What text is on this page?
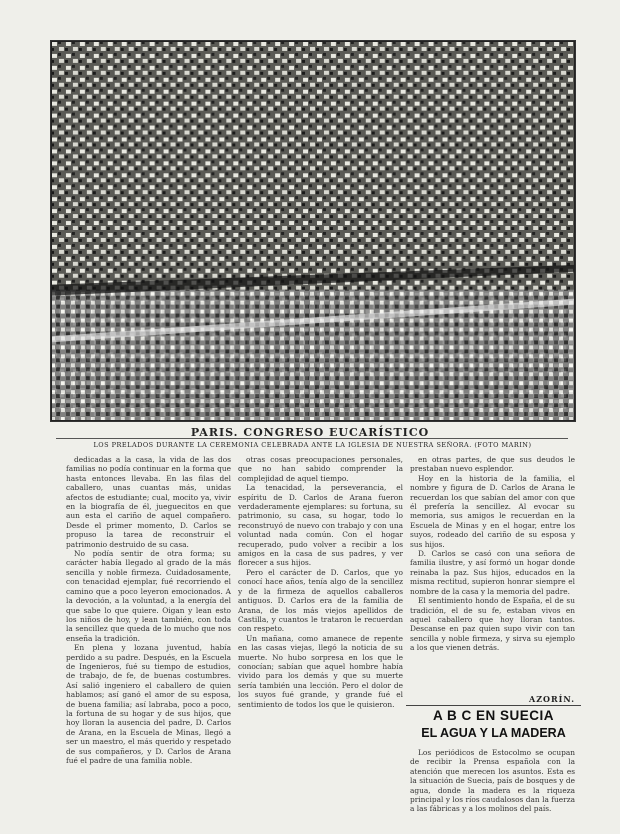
PARIS. CONGRESO EUCARÍSTICO
LOS PRELADOS DURANTE LA CEREMONIA CELEBRADA ANTE LA IGLESIA DE NUESTRA SEÑORA. (FOTO MARIN)

dedicadas a la casa, la vida de las dos familias no podía continuar en la forma que hasta entonces llevaba. En las filas del caballero, unas cuantas más, unidas afectos de estudiante; cual, mocito ya, vivir en la biografía de él, jueguecitos en que aun esta el cariño de aquel compañero. Desde el primer momento, D. Carlos se propuso la tarea de reconstruir el patrimonio destruido de su casa.

No podía sentir de otra forma; su carácter había llegado al grado de la más sencilla y noble firmeza. Cuidadosamente, con tenacidad ejemplar, fué recorriendo el camino que a poco leyeron emocionados. A la devoción, a la voluntad, a la energía del que sabe lo que quiere. Oigan y lean esto los niños de hoy, y lean también, con toda la sencillez que queda de lo mucho que nos enseña la tradición.

En plena y lozana juventud, había perdido a su padre. Después, en la Escuela de Ingenieros, fué su tiempo de estudios, de trabajo, de fe, de buenas costumbres. Así salió ingeniero el caballero de quien hablamos; así ganó el amor de su esposa, de buena familia; así labraba, poco a poco, la fortuna de su hogar y de sus hijos, que hoy lloran la ausencia del padre, D. Carlos de Arana, en la Escuela de Minas, llegó a ser un maestro, el más querido y respetado de sus compañeros, y D. Carlos de Arana fué el padre de una familia noble.

otras cosas preocupaciones personales, que no han sabido comprender la complejidad de aquel tiempo.

La tenacidad, la perseverancia, el espíritu de D. Carlos de Arana fueron verdaderamente ejemplares: su fortuna, su patrimonio, su casa, su hogar, todo lo reconstruyó de nuevo con trabajo y con una voluntad nada común. Con el hogar recuperado, pudo volver a recibir a los amigos en la casa de sus padres, y ver florecer a sus hijos.

Pero el carácter de D. Carlos, que yo conocí hace años, tenía algo de la sencillez y de la firmeza de aquellos caballeros antiguos. D. Carlos era de la familia de Arana, de los más viejos apellidos de Castilla, y cuantos le trataron le recuerdan con respeto.

Un mañana, como amanece de repente en las casas viejas, llegó la noticia de su muerte. No hubo sorpresa en los que le conocían; sabían que aquel hombre había vivido para los demás y que su muerte sería también una lección. Pero el dolor de los suyos fué grande, y grande fué el sentimiento de todos los que le quisieron.

en otras partes, de que sus deudos le prestaban nuevo esplendor.

Hoy en la historia de la familia, el nombre y figura de D. Carlos de Arana le recuerdan los que sabían del amor con que él prefería la sencillez. Al evocar su memoria, sus amigos le recuerdan en la Escuela de Minas y en el hogar, entre los suyos, rodeado del cariño de su esposa y sus hijos.

D. Carlos se casó con una señora de familia ilustre, y así formó un hogar donde reinaba la paz. Sus hijos, educados en la misma rectitud, supieron honrar siempre el nombre de la casa y la memoria del padre.

El sentimiento hondo de España, el de su tradición, el de su fe, estaban vivos en aquel caballero que hoy lloran tantos. Descanse en paz quien supo vivir con tan sencilla y noble firmeza, y sirva su ejemplo a los que vienen detrás.

AZORÍN.
A B C EN SUECIA
EL AGUA Y LA MADERA

Los periódicos de Estocolmo se ocupan de recibir la Prensa española con la atención que merecen los asuntos. Esta es la situación de Suecia, país de bosques y de agua, donde la madera es la riqueza principal y los ríos caudalosos dan la fuerza a las fábricas y a los molinos del país.
